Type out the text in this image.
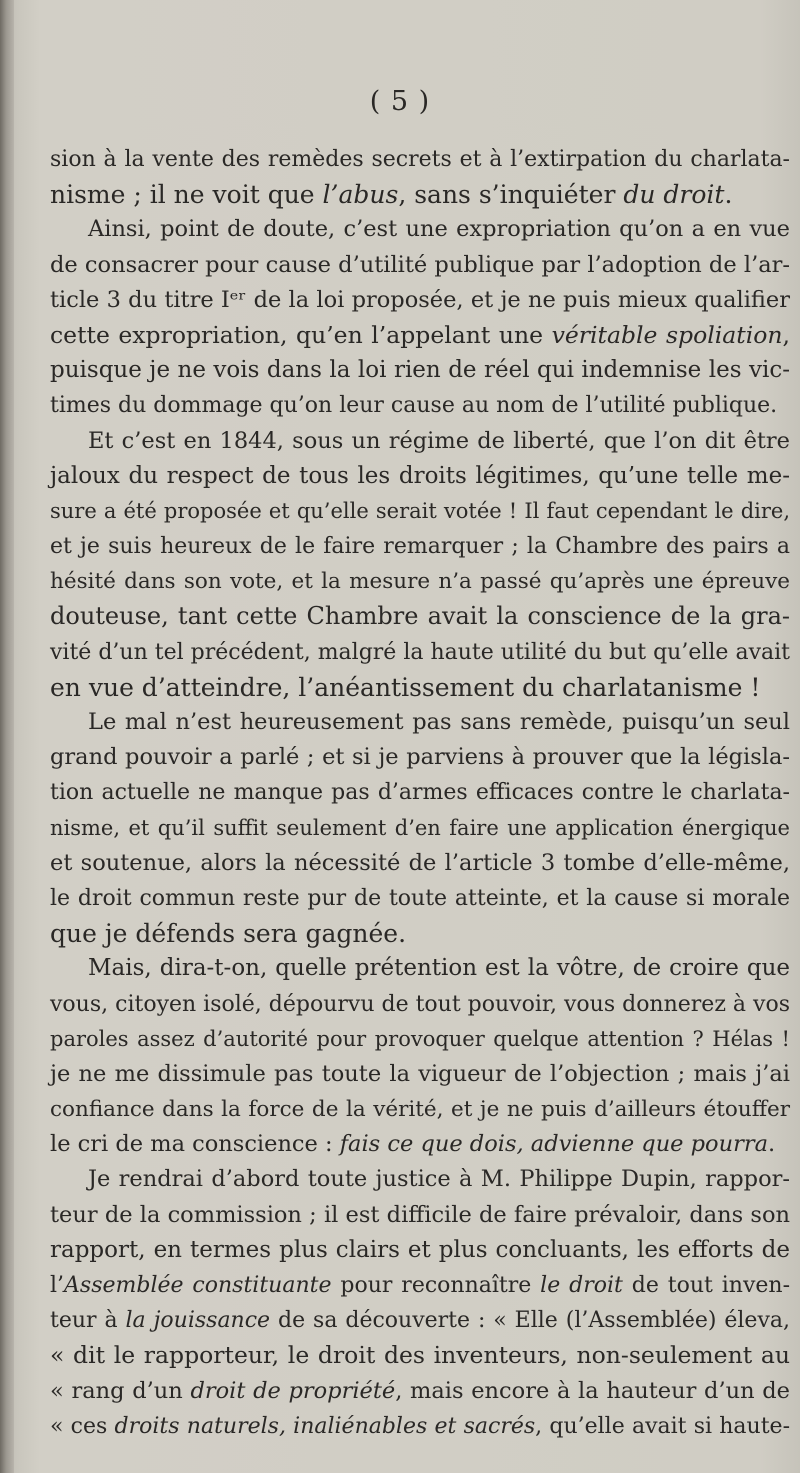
( 5 )
sion à la vente des remèdes secrets et à l’extirpation du charlata-
nisme ; il ne voit que l’abus, sans s’inquiéter du droit.
Ainsi, point de doute, c’est une expropriation qu’on a en vue
de consacrer pour cause d’utilité publique par l’adoption de l’ar-
ticle 3 du titre Iᵉʳ de la loi proposée, et je ne puis mieux qualifier
cette expropriation, qu’en l’appelant une véritable spoliation,
puisque je ne vois dans la loi rien de réel qui indemnise les vic-
times du dommage qu’on leur cause au nom de l’utilité publique.
Et c’est en 1844, sous un régime de liberté, que l’on dit être
jaloux du respect de tous les droits légitimes, qu’une telle me-
sure a été proposée et qu’elle serait votée ! Il faut cependant le dire,
et je suis heureux de le faire remarquer ; la Chambre des pairs a
hésité dans son vote, et la mesure n’a passé qu’après une épreuve
douteuse, tant cette Chambre avait la conscience de la gra-
vité d’un tel précédent, malgré la haute utilité du but qu’elle avait
en vue d’atteindre, l’anéantissement du charlatanisme !
Le mal n’est heureusement pas sans remède, puisqu’un seul
grand pouvoir a parlé ; et si je parviens à prouver que la législa-
tion actuelle ne manque pas d’armes efficaces contre le charlata-
nisme, et qu’il suffit seulement d’en faire une application énergique
et soutenue, alors la nécessité de l’article 3 tombe d’elle-même,
le droit commun reste pur de toute atteinte, et la cause si morale
que je défends sera gagnée.
Mais, dira-t-on, quelle prétention est la vôtre, de croire que
vous, citoyen isolé, dépourvu de tout pouvoir, vous donnerez à vos
paroles assez d’autorité pour provoquer quelque attention ? Hélas !
je ne me dissimule pas toute la vigueur de l’objection ; mais j’ai
confiance dans la force de la vérité, et je ne puis d’ailleurs étouffer
le cri de ma conscience : fais ce que dois, advienne que pourra.
Je rendrai d’abord toute justice à M. Philippe Dupin, rappor-
teur de la commission ; il est difficile de faire prévaloir, dans son
rapport, en termes plus clairs et plus concluants, les efforts de
l’Assemblée constituante pour reconnaître le droit de tout inven-
teur à la jouissance de sa découverte : « Elle (l’Assemblée) éleva,
« dit le rapporteur, le droit des inventeurs, non-seulement au
« rang d’un droit de propriété, mais encore à la hauteur d’un de
« ces droits naturels, inaliénables et sacrés, qu’elle avait si haute-
